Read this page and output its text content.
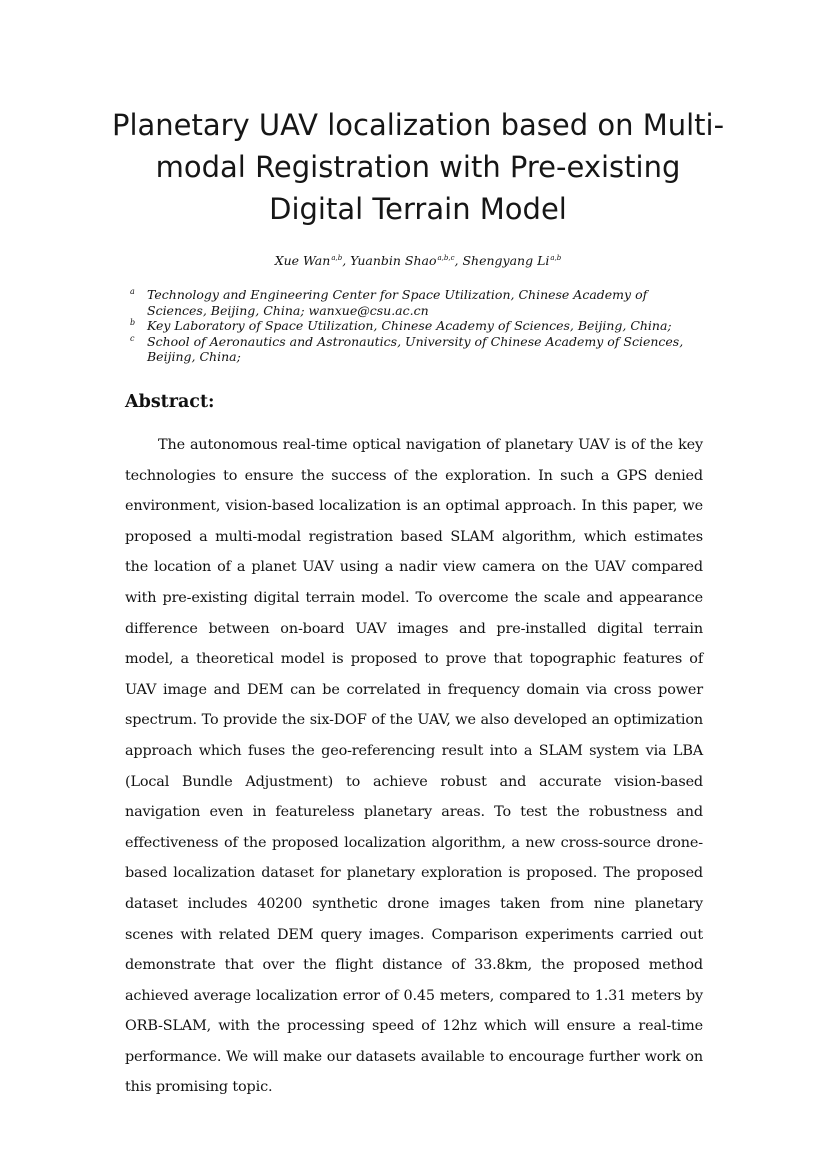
Planetary UAV localization based on Multi-
modal Registration with Pre-existing
Digital Terrain Model
Xue Wan$^{a,b}$, Yuanbin Shao$^{a,b,c}$, Shengyang Li$^{a,b}$
a Technology and Engineering Center for Space Utilization, Chinese Academy of Sciences, Beijing, China; wanxue@csu.ac.cn
b Key Laboratory of Space Utilization, Chinese Academy of Sciences, Beijing, China;
c School of Aeronautics and Astronautics, University of Chinese Academy of Sciences, Beijing, China;
Abstract:
The autonomous real-time optical navigation of planetary UAV is of the key technologies to ensure the success of the exploration. In such a GPS denied environment, vision-based localization is an optimal approach. In this paper, we proposed a multi-modal registration based SLAM algorithm, which estimates the location of a planet UAV using a nadir view camera on the UAV compared with pre-existing digital terrain model. To overcome the scale and appearance difference between on-board UAV images and pre-installed digital terrain model, a theoretical model is proposed to prove that topographic features of UAV image and DEM can be correlated in frequency domain via cross power spectrum. To provide the six-DOF of the UAV, we also developed an optimization approach which fuses the geo-referencing result into a SLAM system via LBA (Local Bundle Adjustment) to achieve robust and accurate vision-based navigation even in featureless planetary areas. To test the robustness and effectiveness of the proposed localization algorithm, a new cross-source drone-based localization dataset for planetary exploration is proposed. The proposed dataset includes 40200 synthetic drone images taken from nine planetary scenes with related DEM query images. Comparison experiments carried out demonstrate that over the flight distance of 33.8km, the proposed method achieved average localization error of 0.45 meters, compared to 1.31 meters by ORB-SLAM, with the processing speed of 12hz which will ensure a real-time performance. We will make our datasets available to encourage further work on this promising topic.
